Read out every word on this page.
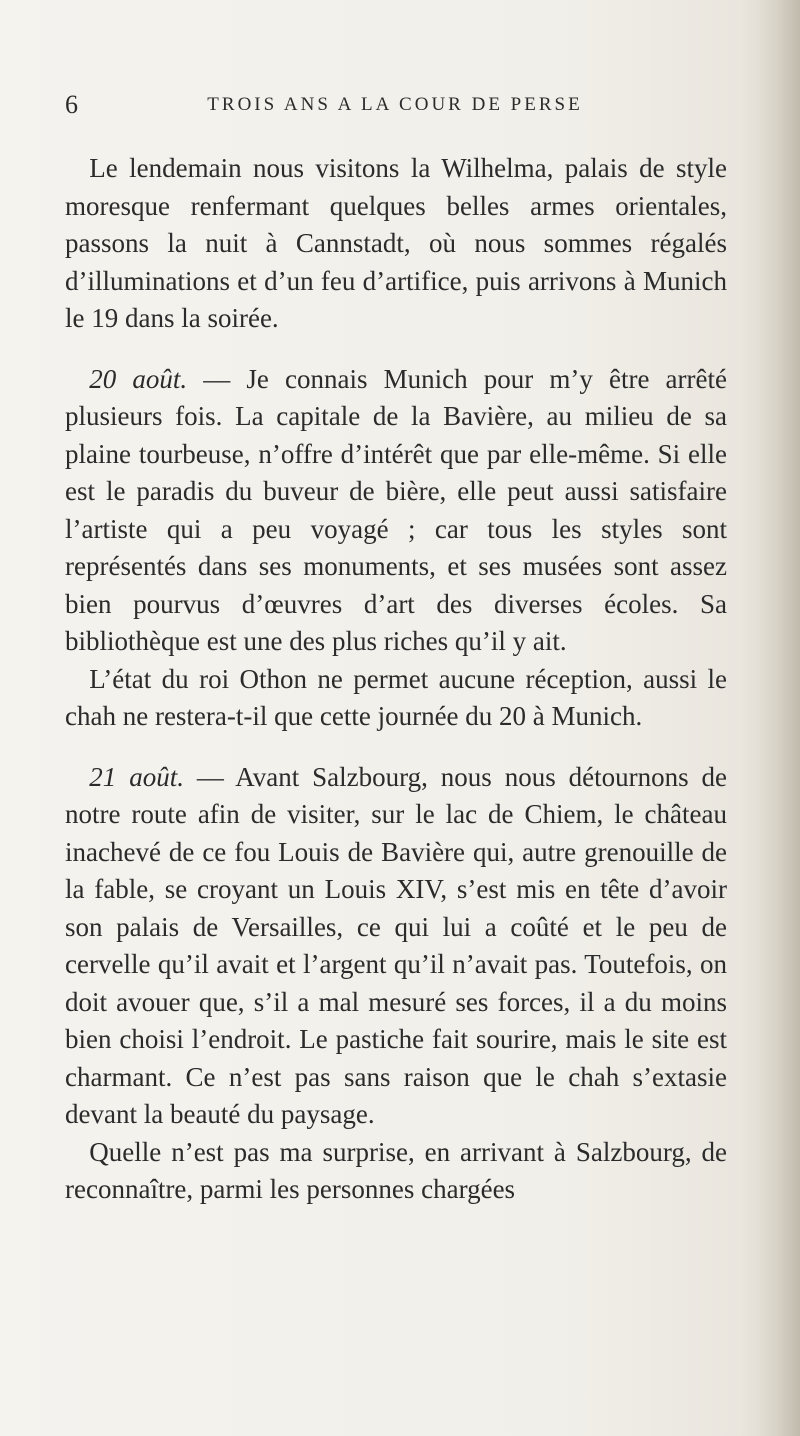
6	TROIS ANS A LA COUR DE PERSE

Le lendemain nous visitons la Wilhelma, palais de style moresque renfermant quelques belles armes orientales, passons la nuit à Cannstadt, où nous sommes régalés d’illuminations et d’un feu d’artifice, puis arrivons à Munich le 19 dans la soirée.

20 août. — Je connais Munich pour m’y être arrêté plusieurs fois. La capitale de la Bavière, au milieu de sa plaine tourbeuse, n’offre d’intérêt que par elle-même. Si elle est le paradis du buveur de bière, elle peut aussi satisfaire l’artiste qui a peu voyagé ; car tous les styles sont représentés dans ses monuments, et ses musées sont assez bien pourvus d’œuvres d’art des diverses écoles. Sa bibliothèque est une des plus riches qu’il y ait.

L’état du roi Othon ne permet aucune réception, aussi le chah ne restera-t-il que cette journée du 20 à Munich.

21 août. — Avant Salzbourg, nous nous détournons de notre route afin de visiter, sur le lac de Chiem, le château inachevé de ce fou Louis de Bavière qui, autre grenouille de la fable, se croyant un Louis XIV, s’est mis en tête d’avoir son palais de Versailles, ce qui lui a coûté et le peu de cervelle qu’il avait et l’argent qu’il n’avait pas. Toutefois, on doit avouer que, s’il a mal mesuré ses forces, il a du moins bien choisi l’endroit. Le pastiche fait sourire, mais le site est charmant. Ce n’est pas sans raison que le chah s’extasie devant la beauté du paysage.

Quelle n’est pas ma surprise, en arrivant à Salzbourg, de reconnaître, parmi les personnes chargées
